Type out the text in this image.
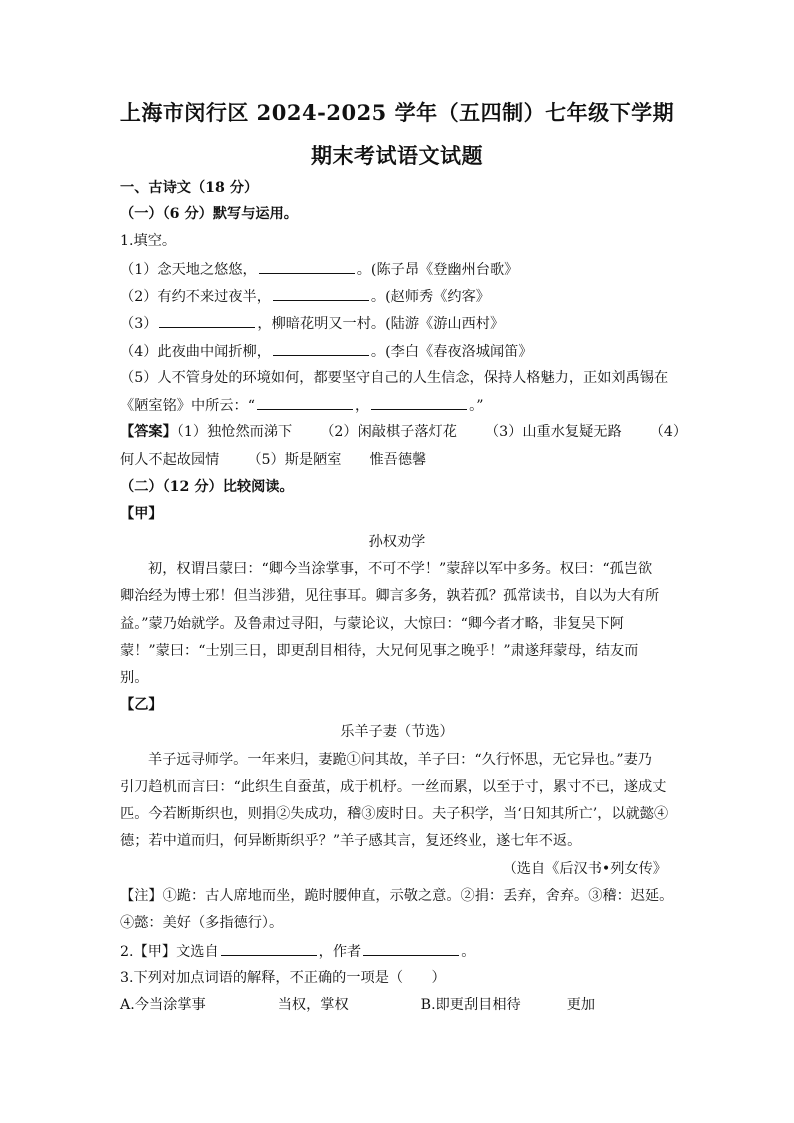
上海市闵行区 2024-2025 学年（五四制）七年级下学期
期末考试语文试题
一、古诗文（18 分）
（一）（6 分）默写与运用。
1.填空。
（1）念天地之悠悠，	。(陈子昂《登幽州台歌》
（2）有约不来过夜半，	。(赵师秀《约客》
（3）	，柳暗花明又一村。(陆游《游山西村》
（4）此夜曲中闻折柳，	。(李白《春夜洛城闻笛》
（5）人不管身处的环境如何，都要坚守自己的人生信念，保持人格魅力，正如刘禹锡在
《陋室铭》中所云：“	，	。”
【答案】（1）独怆然而涕下 （2）闲敲棋子落灯花 （3）山重水复疑无路 （4）
何人不起故园情 （5）斯是陋室 惟吾德馨
（二）（12 分）比较阅读。
【甲】
孙权劝学
初，权谓吕蒙曰：“卿今当涂掌事，不可不学！”蒙辞以军中多务。权曰：“孤岂欲
卿治经为博士邪！但当涉猎，见往事耳。卿言多务，孰若孤？孤常读书，自以为大有所
益。”蒙乃始就学。及鲁肃过寻阳，与蒙论议，大惊曰：“卿今者才略，非复吴下阿
蒙！”蒙曰：“士别三日，即更刮目相待，大兄何见事之晚乎！”肃遂拜蒙母，结友而
别。
【乙】
乐羊子妻（节选）
羊子远寻师学。一年来归，妻跪①问其故，羊子曰：“久行怀思，无它异也。”妻乃
引刀趋机而言曰：“此织生自蚕茧，成于机杼。一丝而累，以至于寸，累寸不已，遂成丈
匹。今若断斯织也，则捐②失成功，稽③废时日。夫子积学，当‘日知其所亡’，以就懿④
德；若中道而归，何异断斯织乎？”羊子感其言，复还终业，遂七年不返。
（选自《后汉书•列女传》
【注】①跪：古人席地而坐，跪时腰伸直，示敬之意。②捐：丢弃，舍弃。③稽：迟延。
④懿：美好（多指德行）。
2.【甲】文选自	，作者	。
3.下列对加点词语的解释，不正确的一项是（　　）
A.今当涂掌事	当权，掌权	B.即更刮目相待	更加
